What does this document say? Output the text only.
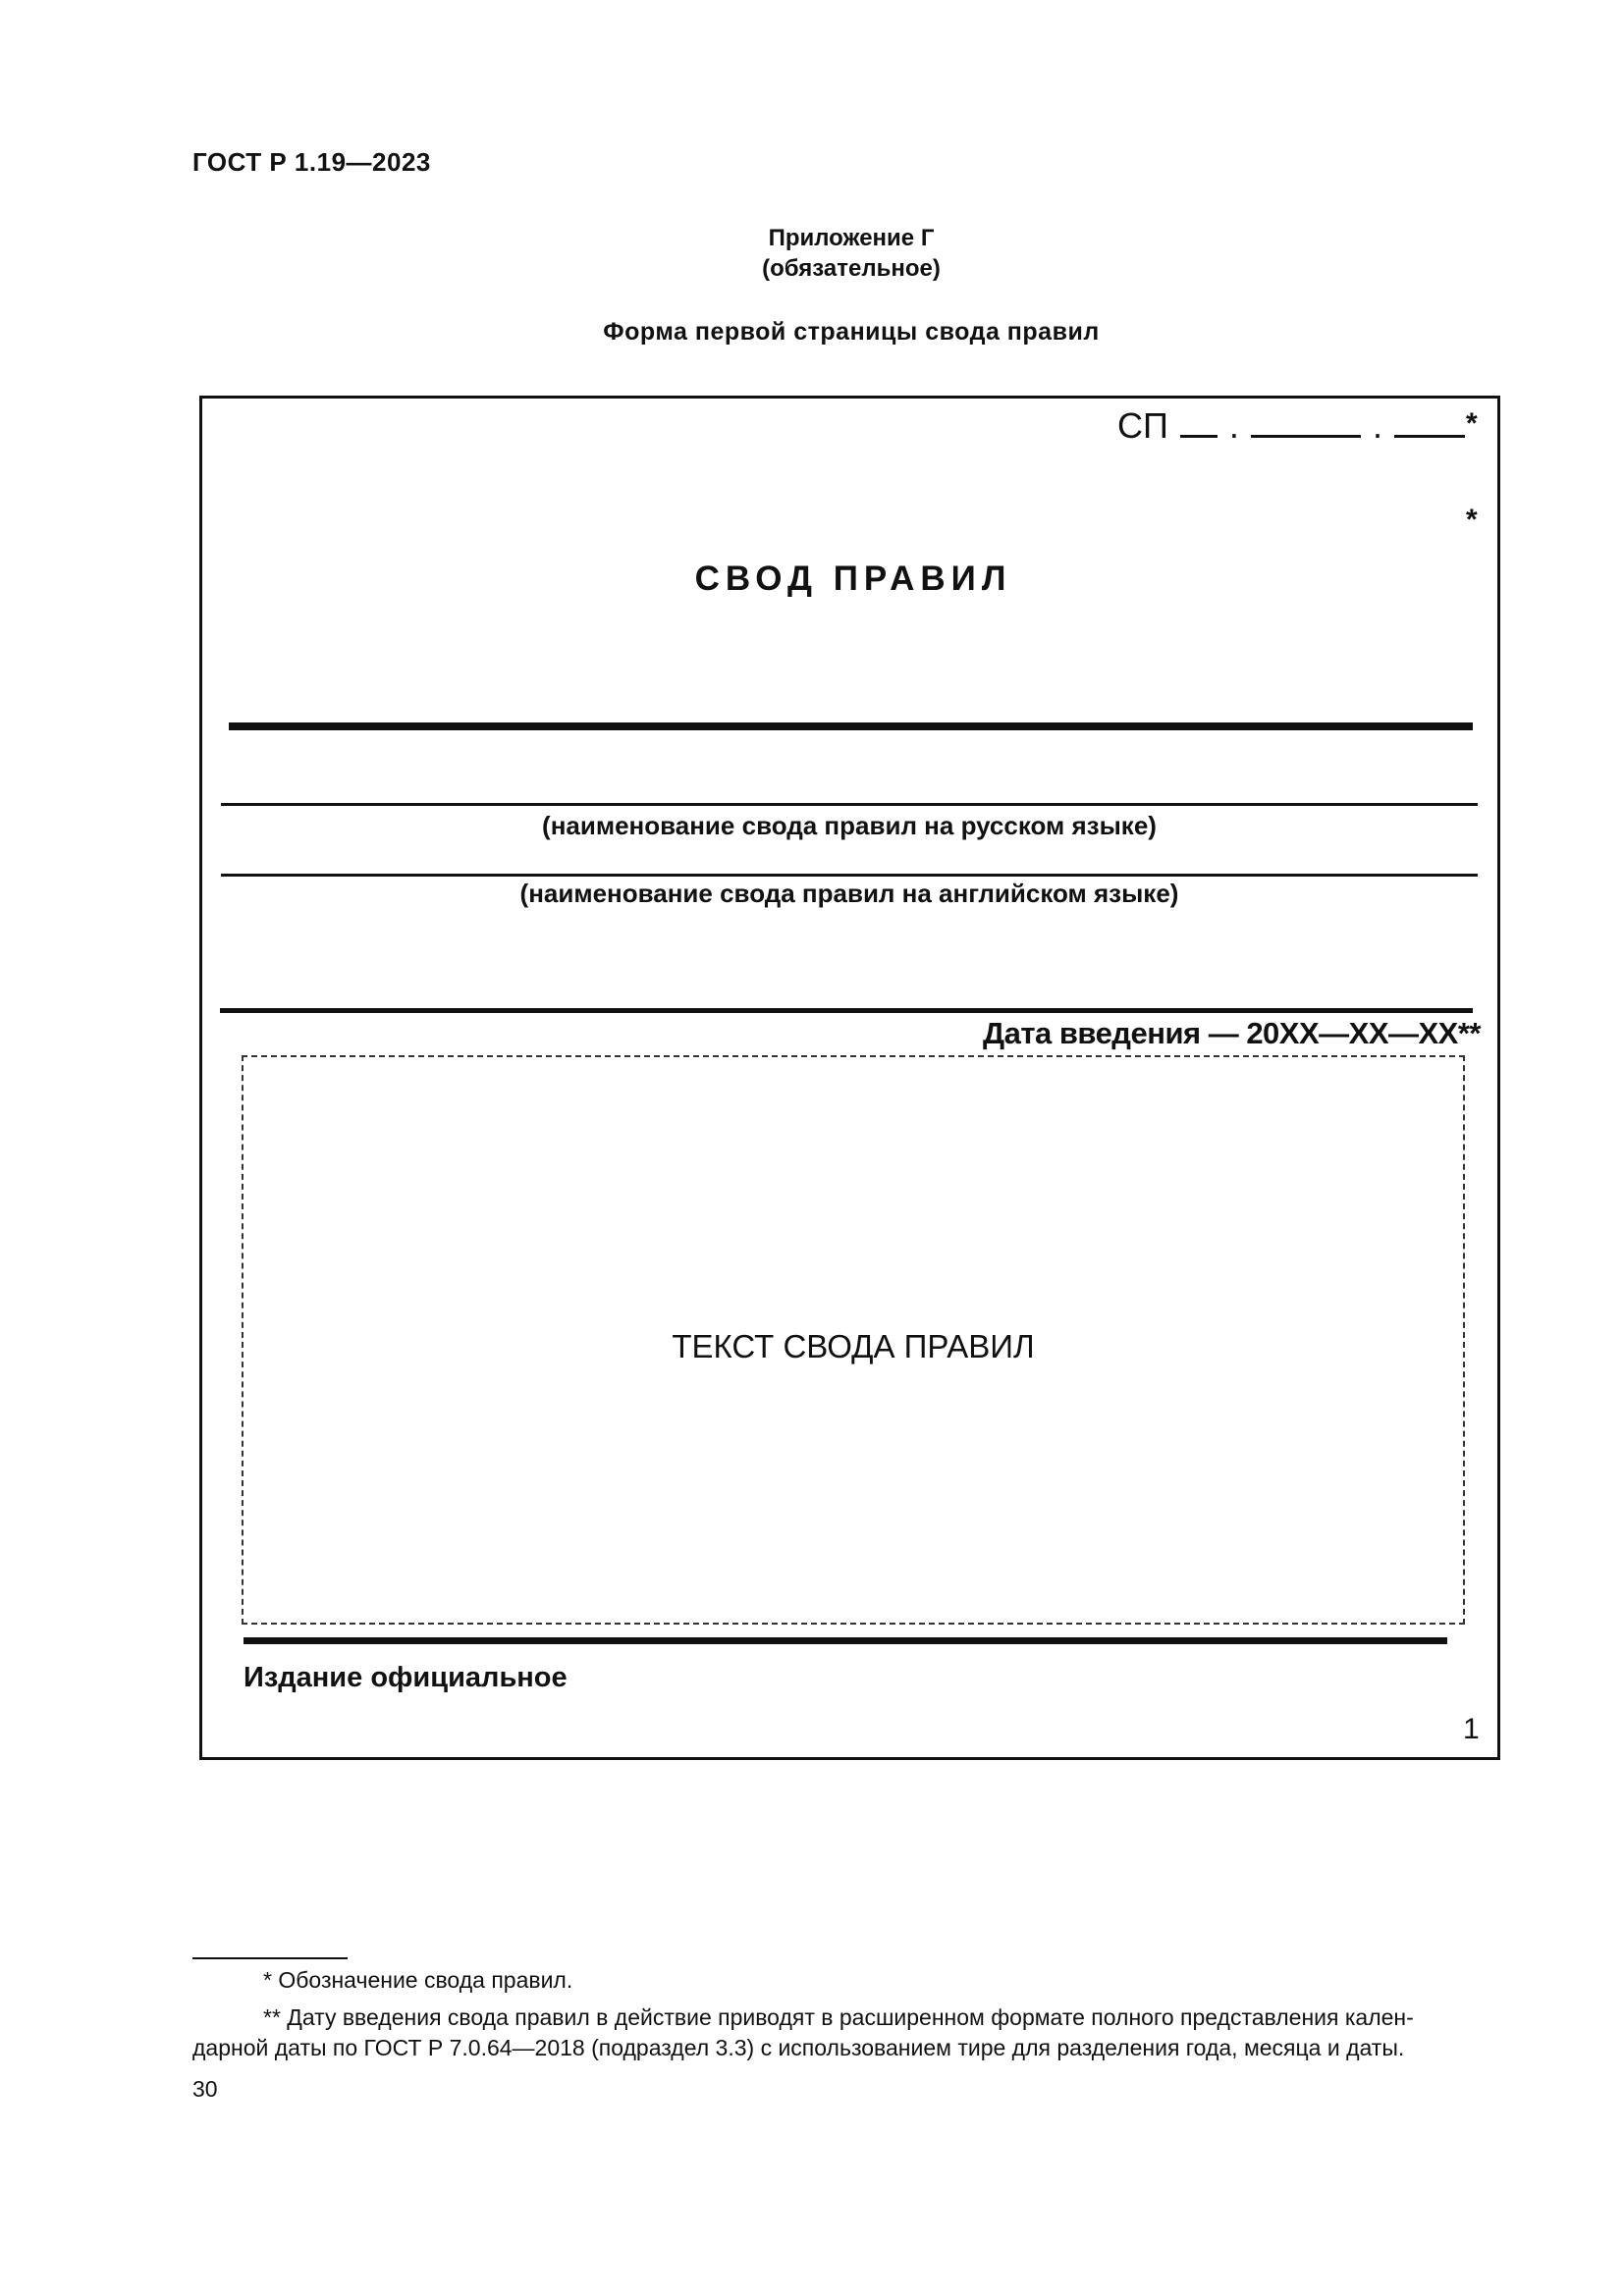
ГОСТ Р 1.19—2023
Приложение Г
(обязательное)
Форма первой страницы свода правил
СП .	.	*
*
СВОД ПРАВИЛ
(наименование свода правил на русском языке)
(наименование свода правил на английском языке)
Дата введения — 20XX—XX—XX**
ТЕКСТ СВОДА ПРАВИЛ
Издание официальное
1
* Обозначение свода правил.
** Дату введения свода правил в действие приводят в расширенном формате полного представления кален-
дарной даты по ГОСТ Р 7.0.64—2018 (подраздел 3.3) с использованием тире для разделения года, месяца и даты.
30
